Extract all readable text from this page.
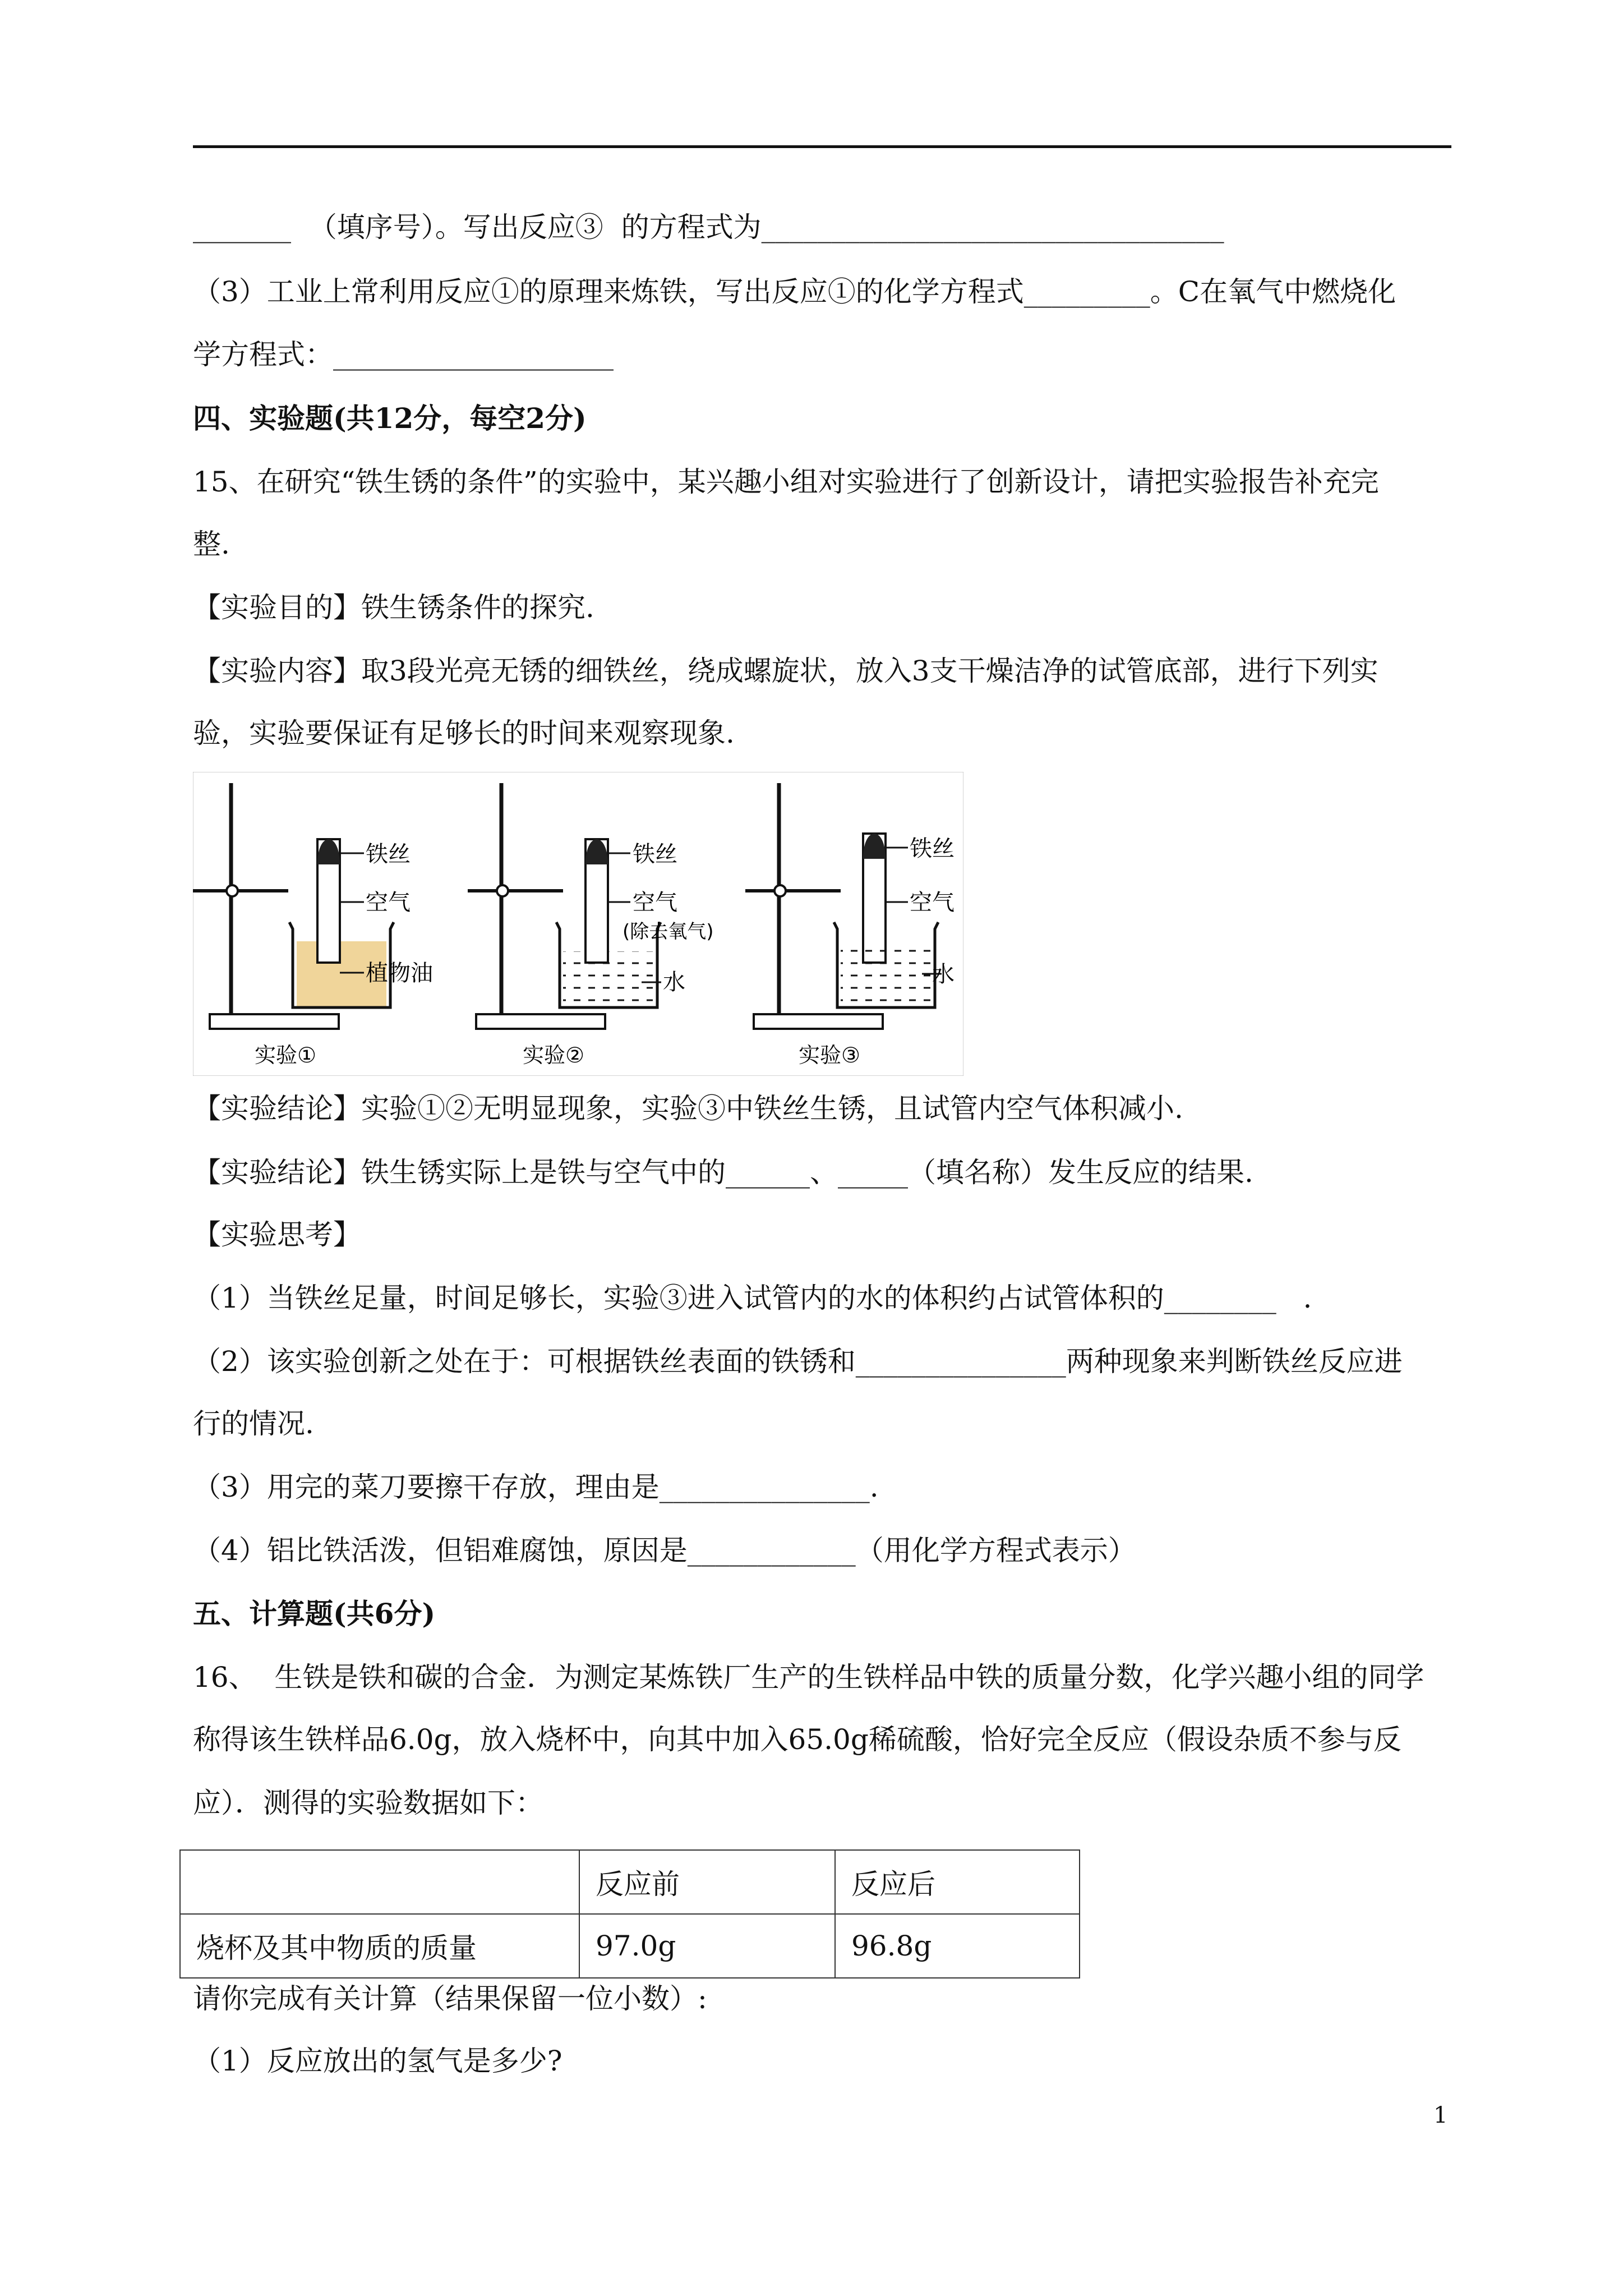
_______  （填序号）。写出反应③  的方程式为_________________________________
（3）工业上常利用反应①的原理来炼铁，写出反应①的化学方程式_________。C在氧气中燃烧化
学方程式：____________________
四、实验题(共12分，每空2分)
15、在研究“铁生锈的条件”的实验中，某兴趣小组对实验进行了创新设计，请把实验报告补充完
整.
【实验目的】铁生锈条件的探究.
【实验内容】取3段光亮无锈的细铁丝，绕成螺旋状，放入3支干燥洁净的试管底部，进行下列实
验，实验要保证有足够长的时间来观察现象.
铁丝
空气
植物油
实验①
铁丝
空气
(除去氧气)
水
实验②
铁丝
空气
水
实验③
【实验结论】实验①②无明显现象，实验③中铁丝生锈，且试管内空气体积减小.
【实验结论】铁生锈实际上是铁与空气中的______、_____（填名称）发生反应的结果.
【实验思考】
（1）当铁丝足量，时间足够长，实验③进入试管内的水的体积约占试管体积的________   .
（2）该实验创新之处在于：可根据铁丝表面的铁锈和_______________两种现象来判断铁丝反应进
行的情况.
（3）用完的菜刀要擦干存放，理由是_______________.
（4）铝比铁活泼，但铝难腐蚀，原因是____________（用化学方程式表示）
五、计算题(共6分)
16、  生铁是铁和碳的合金．为测定某炼铁厂生产的生铁样品中铁的质量分数，化学兴趣小组的同学
称得该生铁样品6.0g，放入烧杯中，向其中加入65.0g稀硫酸，恰好完全反应（假设杂质不参与反
应）．测得的实验数据如下：
	反应前	反应后
烧杯及其中物质的质量	97.0g	96.8g
请你完成有关计算（结果保留一位小数）:
（1）反应放出的氢气是多少?
1
